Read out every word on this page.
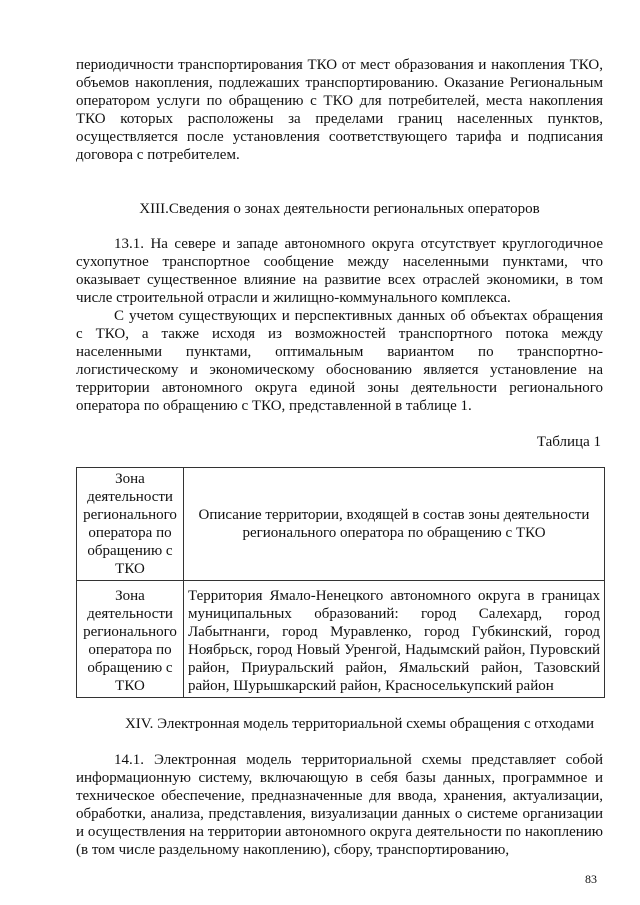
периодичности транспортирования ТКО от мест образования и накопления ТКО, объемов накопления, подлежаших транспортированию. Оказание Региональным оператором услуги по обращению с ТКО для потребителей, места накопления ТКО которых расположены за пределами границ населенных пунктов, осуществляется после установления соответствующего тарифа и подписания договора с потребителем.

XIII.Сведения о зонах деятельности региональных операторов

13.1. На севере и западе автономного округа отсутствует круглогодичное сухопутное транспортное сообщение между населенными пунктами, что оказывает существенное влияние на развитие всех отраслей экономики, в том числе строительной отрасли и жилищно-коммунального комплекса.

С учетом существующих и перспективных данных об объектах обращения с ТКО, а также исходя из возможностей транспортного потока между населенными пунктами, оптимальным вариантом по транспортно-логистическому и экономическому обоснованию является установление на территории автономного округа единой зоны деятельности регионального оператора по обращению с ТКО, представленной в таблице 1.

Таблица 1

Зона деятельности регионального оператора по обращению с ТКО	Описание территории, входящей в состав зоны деятельности регионального оператора по обращению с ТКО
Зона деятельности регионального оператора по обращению с ТКО	Территория Ямало-Ненецкого автономного округа в границах муниципальных образований: город Салехард, город Лабытнанги, город Муравленко, город Губкинский, город Ноябрьск, город Новый Уренгой, Надымский район, Пуровский район, Приуральский район, Ямальский район, Тазовский район, Шурышкарский район, Красноселькупский район

XIV. Электронная модель территориальной схемы обращения с отходами

14.1. Электронная модель территориальной схемы представляет собой информационную систему, включающую в себя базы данных, программное и техническое обеспечение, предназначенные для ввода, хранения, актуализации, обработки, анализа, представления, визуализации данных о системе организации и осуществления на территории автономного округа деятельности по накоплению (в том числе раздельному накоплению), сбору, транспортированию,

83
